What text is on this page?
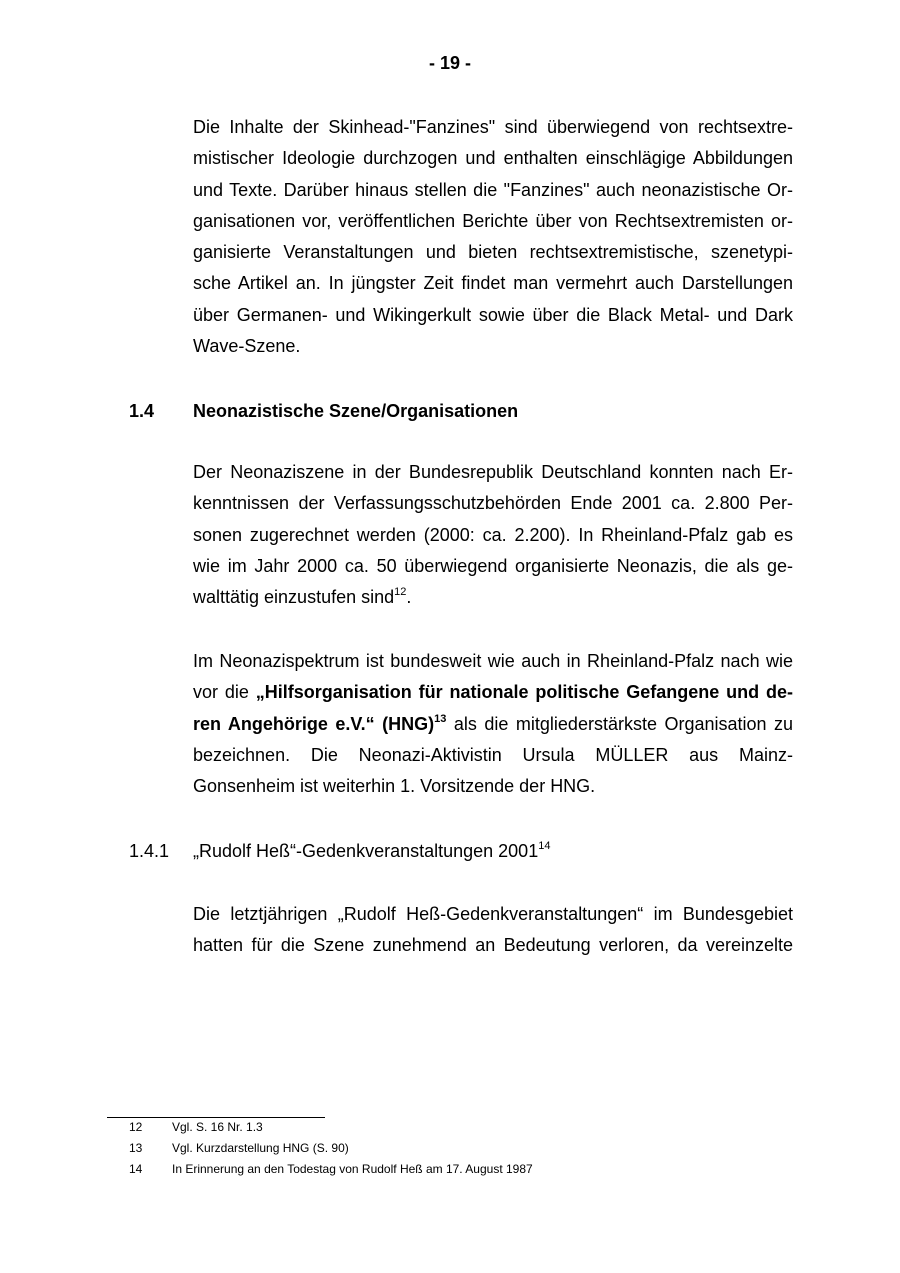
- 19 -
Die Inhalte der Skinhead-"Fanzines" sind überwiegend von rechtsextre-
mistischer Ideologie durchzogen und enthalten einschlägige Abbildungen
und Texte. Darüber hinaus stellen die "Fanzines" auch neonazistische Or-
ganisationen vor, veröffentlichen Berichte über von Rechtsextremisten or-
ganisierte Veranstaltungen und bieten rechtsextremistische, szenetypi-
sche Artikel an. In jüngster Zeit findet man vermehrt auch Darstellungen
über Germanen- und Wikingerkult sowie über die Black Metal- und Dark
Wave-Szene.
1.4 Neonazistische Szene/Organisationen
Der Neonaziszene in der Bundesrepublik Deutschland konnten nach Er-
kenntnissen der Verfassungsschutzbehörden Ende 2001 ca. 2.800 Per-
sonen zugerechnet werden (2000: ca. 2.200). In Rheinland-Pfalz gab es
wie im Jahr 2000 ca. 50 überwiegend organisierte Neonazis, die als ge-
walttätig einzustufen sind$^{12}$.
Im Neonazispektrum ist bundesweit wie auch in Rheinland-Pfalz nach wie
vor die „Hilfsorganisation für nationale politische Gefangene und de-
ren Angehörige e.V.“ (HNG)$^{13}$ als die mitgliederstärkste Organisation zu
bezeichnen. Die Neonazi-Aktivistin Ursula MÜLLER aus Mainz-
Gonsenheim ist weiterhin 1. Vorsitzende der HNG.
1.4.1 „Rudolf Heß“-Gedenkveranstaltungen 2001$^{14}$
Die letztjährigen „Rudolf Heß-Gedenkveranstaltungen“ im Bundesgebiet
hatten für die Szene zunehmend an Bedeutung verloren, da vereinzelte
12 Vgl. S. 16 Nr. 1.3
13 Vgl. Kurzdarstellung HNG (S. 90)
14 In Erinnerung an den Todestag von Rudolf Heß am 17. August 1987
